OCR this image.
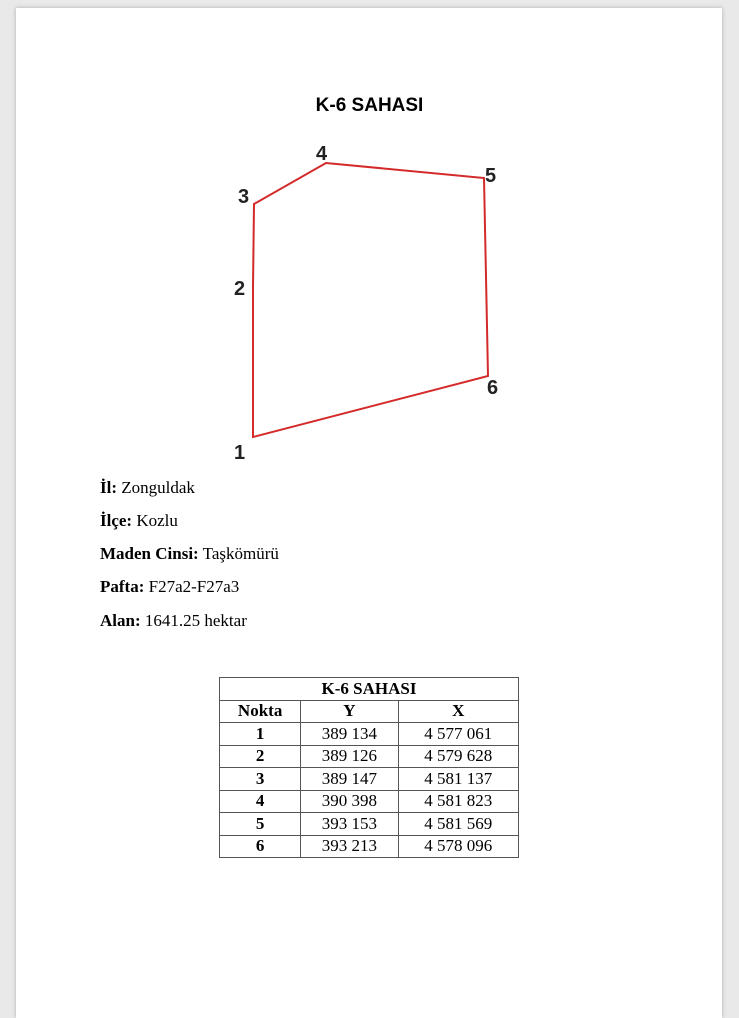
K-6 SAHASI
1
2
3
4
5
6
İl: Zonguldak
İlçe: Kozlu
Maden Cinsi: Taşkömürü
Pafta: F27a2-F27a3
Alan: 1641.25 hektar
K-6 SAHASI		
Nokta	Y	X
1	389 134	4 577 061
2	389 126	4 579 628
3	389 147	4 581 137
4	390 398	4 581 823
5	393 153	4 581 569
6	393 213	4 578 096
